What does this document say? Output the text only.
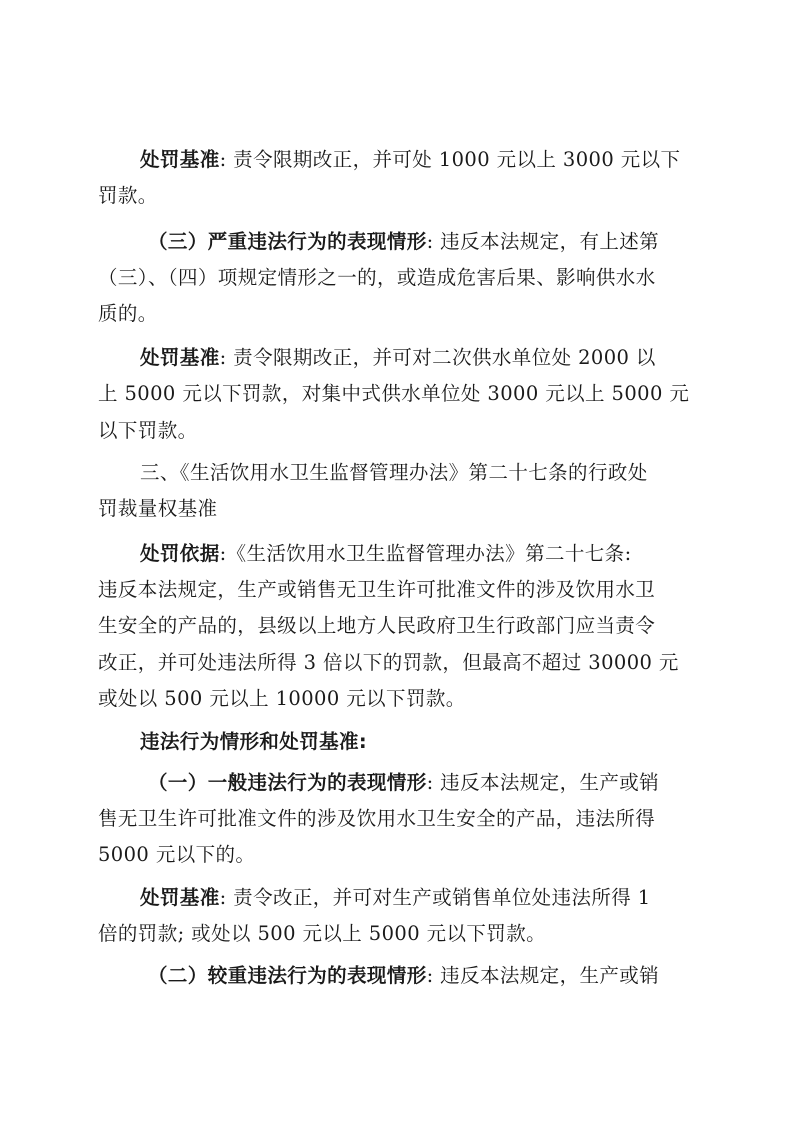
处罚基准: 责令限期改正，并可处 1000 元以上 3000 元以下
罚款。
（三）严重违法行为的表现情形: 违反本法规定，有上述第
（三）、（四）项规定情形之一的，或造成危害后果、影响供水水
质的。
处罚基准: 责令限期改正，并可对二次供水单位处 2000 以
上 5000 元以下罚款，对集中式供水单位处 3000 元以上 5000 元
以下罚款。
三、《生活饮用水卫生监督管理办法》第二十七条的行政处
罚裁量权基准
处罚依据:《生活饮用水卫生监督管理办法》第二十七条:
违反本法规定，生产或销售无卫生许可批准文件的涉及饮用水卫
生安全的产品的，县级以上地方人民政府卫生行政部门应当责令
改正，并可处违法所得 3 倍以下的罚款，但最高不超过 30000 元
或处以 500 元以上 10000 元以下罚款。
违法行为情形和处罚基准:
（一）一般违法行为的表现情形: 违反本法规定，生产或销
售无卫生许可批准文件的涉及饮用水卫生安全的产品，违法所得
5000 元以下的。
处罚基准: 责令改正，并可对生产或销售单位处违法所得 1
倍的罚款; 或处以 500 元以上 5000 元以下罚款。
（二）较重违法行为的表现情形: 违反本法规定，生产或销
